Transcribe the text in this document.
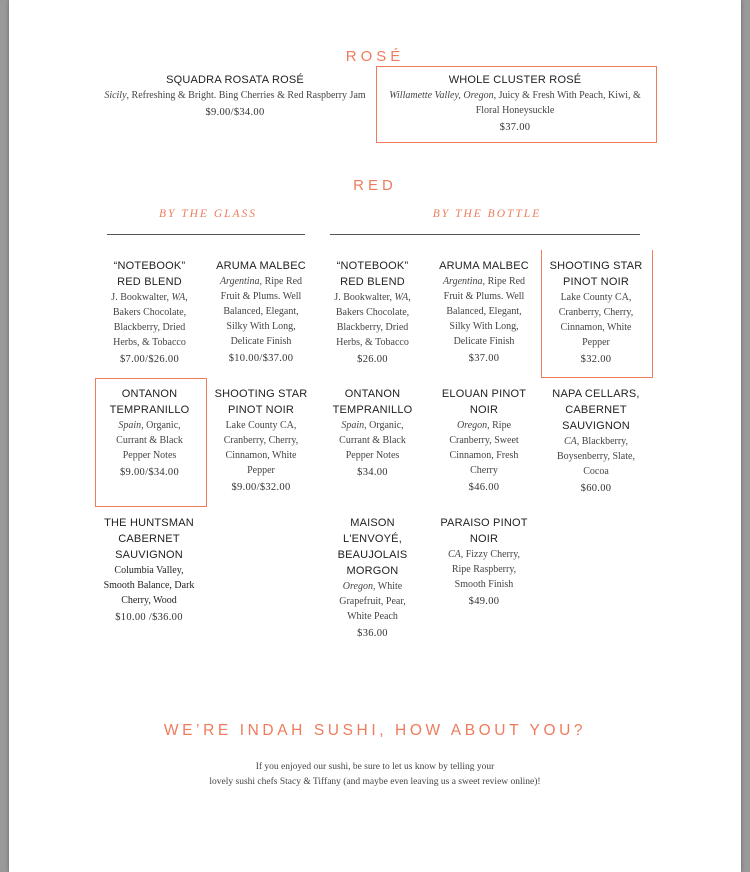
ROSÉ
SQUADRA ROSATA ROSÉ
Sicily, Refreshing & Bright. Bing Cherries & Red Raspberry Jam
$9.00/$34.00
WHOLE CLUSTER ROSÉ
Willamette Valley, Oregon, Juicy & Fresh With Peach, Kiwi, &
Floral Honeysuckle
$37.00
RED
BY THE GLASS	BY THE BOTTLE
“NOTEBOOK”
RED BLEND
J. Bookwalter, WA,
Bakers Chocolate,
Blackberry, Dried
Herbs, & Tobacco
$7.00/$26.00
ARUMA MALBEC
Argentina, Ripe Red
Fruit & Plums. Well
Balanced, Elegant,
Silky With Long,
Delicate Finish
$10.00/$37.00
ONTANON
TEMPRANILLO
Spain, Organic,
Currant & Black
Pepper Notes
$9.00/$34.00
SHOOTING STAR
PINOT NOIR
Lake County CA,
Cranberry, Cherry,
Cinnamon, White
Pepper
$9.00/$32.00
THE HUNTSMAN
CABERNET
SAUVIGNON
Columbia Valley,
Smooth Balance, Dark
Cherry, Wood
$10.00 /$36.00
“NOTEBOOK”
RED BLEND
J. Bookwalter, WA,
Bakers Chocolate,
Blackberry, Dried
Herbs, & Tobacco
$26.00
ARUMA MALBEC
Argentina, Ripe Red
Fruit & Plums. Well
Balanced, Elegant,
Silky With Long,
Delicate Finish
$37.00
SHOOTING STAR
PINOT NOIR
Lake County CA,
Cranberry, Cherry,
Cinnamon, White
Pepper
$32.00
ONTANON
TEMPRANILLO
Spain, Organic,
Currant & Black
Pepper Notes
$34.00
ELOUAN PINOT
NOIR
Oregon, Ripe
Cranberry, Sweet
Cinnamon, Fresh
Cherry
$46.00
NAPA CELLARS,
CABERNET
SAUVIGNON
CA, Blackberry,
Boysenberry, Slate,
Cocoa
$60.00
MAISON
L'ENVOYÉ,
BEAUJOLAIS
MORGON
Oregon, White
Grapefruit, Pear,
White Peach
$36.00
PARAISO PINOT
NOIR
CA, Fizzy Cherry,
Ripe Raspberry,
Smooth Finish
$49.00
WE’RE INDAH SUSHI, HOW ABOUT YOU?
If you enjoyed our sushi, be sure to let us know by telling your
lovely sushi chefs Stacy & Tiffany (and maybe even leaving us a sweet review online)!
